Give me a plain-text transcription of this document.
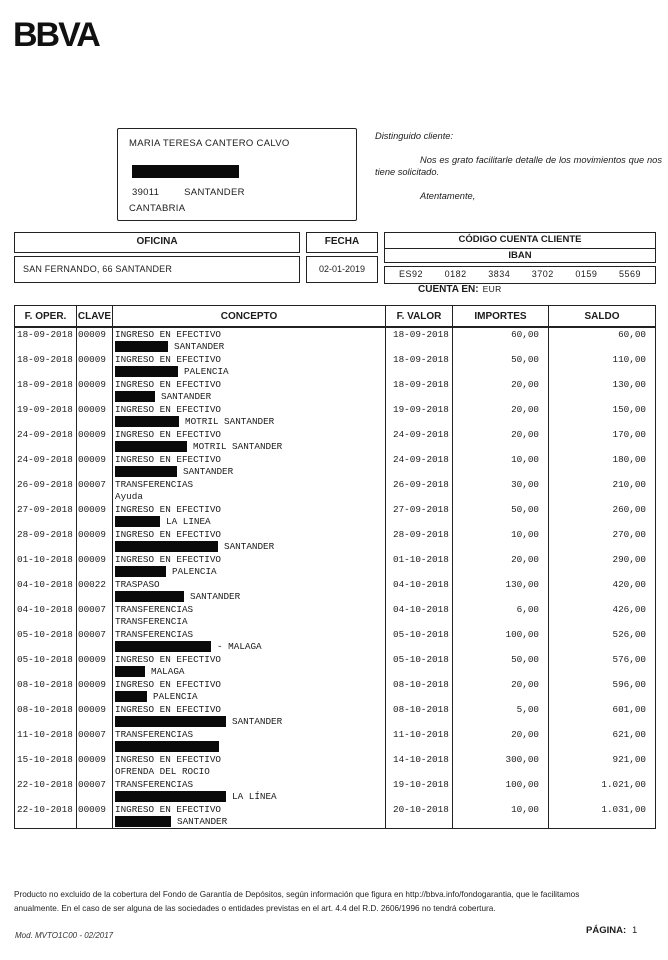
BBVA
MARIA TERESA CANTERO CALVO
39011	SANTANDER
CANTABRIA
Distinguido cliente:

Nos es grato facilitarle detalle de los movimientos que nos tiene solicitado.

Atentamente,
OFICINA
SAN FERNANDO, 66 SANTANDER
FECHA
02-01-2019
CÓDIGO CUENTA CLIENTE
IBAN
ES92 0182 3834 3702 0159 5569
CUENTA EN: EUR
F. OPER.	CLAVE	CONCEPTO	F. VALOR	IMPORTES	SALDO
18-09-2018	00009	INGRESO EN EFECTIVO
SANTANDER	18-09-2018	60,00	60,00
18-09-2018	00009	INGRESO EN EFECTIVO
PALENCIA	18-09-2018	50,00	110,00
18-09-2018	00009	INGRESO EN EFECTIVO
SANTANDER	18-09-2018	20,00	130,00
19-09-2018	00009	INGRESO EN EFECTIVO
MOTRIL SANTANDER	19-09-2018	20,00	150,00
24-09-2018	00009	INGRESO EN EFECTIVO
MOTRIL SANTANDER	24-09-2018	20,00	170,00
24-09-2018	00009	INGRESO EN EFECTIVO
SANTANDER	24-09-2018	10,00	180,00
26-09-2018	00007	TRANSFERENCIAS
Ayuda	26-09-2018	30,00	210,00
27-09-2018	00009	INGRESO EN EFECTIVO
LA LINEA	27-09-2018	50,00	260,00
28-09-2018	00009	INGRESO EN EFECTIVO
SANTANDER	28-09-2018	10,00	270,00
01-10-2018	00009	INGRESO EN EFECTIVO
PALENCIA	01-10-2018	20,00	290,00
04-10-2018	00022	TRASPASO
SANTANDER	04-10-2018	130,00	420,00
04-10-2018	00007	TRANSFERENCIAS
TRANSFERENCIA	04-10-2018	6,00	426,00
05-10-2018	00007	TRANSFERENCIAS
- MALAGA	05-10-2018	100,00	526,00
05-10-2018	00009	INGRESO EN EFECTIVO
MALAGA	05-10-2018	50,00	576,00
08-10-2018	00009	INGRESO EN EFECTIVO
PALENCIA	08-10-2018	20,00	596,00
08-10-2018	00009	INGRESO EN EFECTIVO
SANTANDER	08-10-2018	5,00	601,00
11-10-2018	00007	TRANSFERENCIAS	11-10-2018	20,00	621,00
15-10-2018	00009	INGRESO EN EFECTIVO
OFRENDA DEL ROCIO	14-10-2018	300,00	921,00
22-10-2018	00007	TRANSFERENCIAS
LA LÍNEA	19-10-2018	100,00	1.021,00
22-10-2018	00009	INGRESO EN EFECTIVO
SANTANDER	20-10-2018	10,00	1.031,00
Producto no excluido de la cobertura del Fondo de Garantía de Depósitos, según información que figura en http://bbva.info/fondogarantia, que le facilitamos
anualmente. En el caso de ser alguna de las sociedades o entidades previstas en el art. 4.4 del R.D. 2606/1996 no tendrá cobertura.
Mod. MVTO1C00 - 02/2017	PÁGINA: 1
